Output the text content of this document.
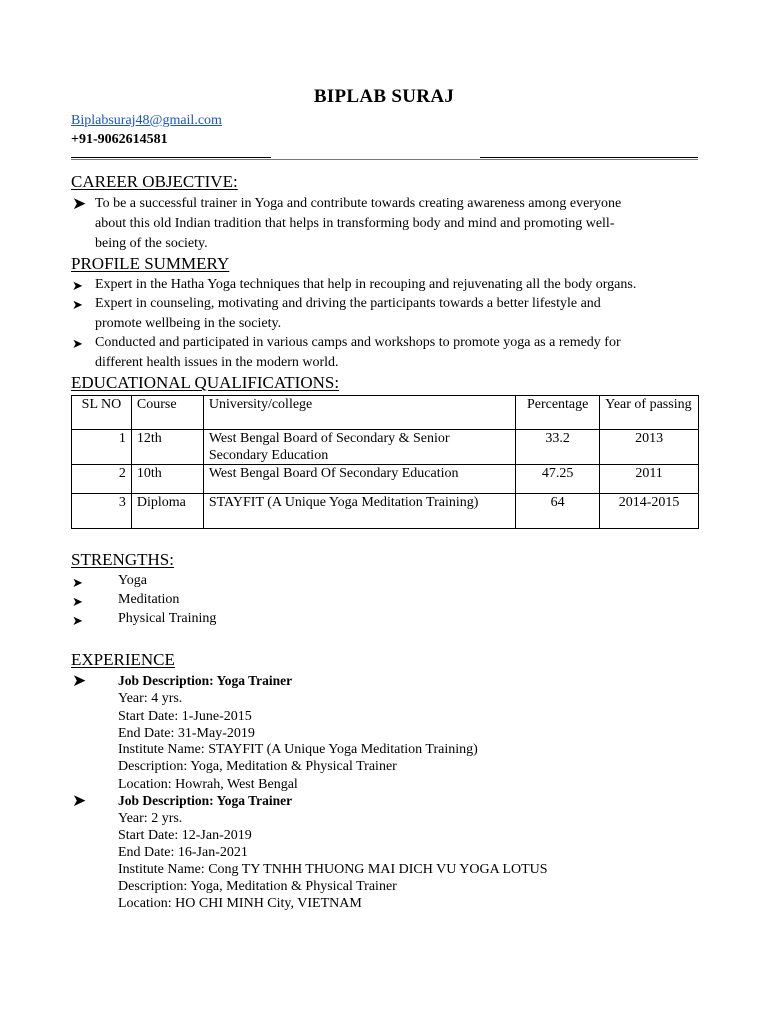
BIPLAB SURAJ
Biplabsuraj48@gmail.com
+91-9062614581
CAREER OBJECTIVE:
➤ To be a successful trainer in Yoga and contribute towards creating awareness among everyone
about this old Indian tradition that helps in transforming body and mind and promoting well-
being of the society.
PROFILE SUMMERY
➤ Expert in the Hatha Yoga techniques that help in recouping and rejuvenating all the body organs.
➤ Expert in counseling, motivating and driving the participants towards a better lifestyle and
promote wellbeing in the society.
➤ Conducted and participated in various camps and workshops to promote yoga as a remedy for
different health issues in the modern world.
EDUCATIONAL QUALIFICATIONS:
SL NO	Course	University/college	Percentage	Year of passing
1	12th	West Bengal Board of Secondary & Senior Secondary Education	33.2	2013
2	10th	West Bengal Board Of Secondary Education	47.25	2011
3	Diploma	STAYFIT (A Unique Yoga Meditation Training)	64	2014-2015
STRENGTHS:
➤	Yoga
➤	Meditation
➤	Physical Training
EXPERIENCE
➤ Job Description: Yoga Trainer
Year: 4 yrs.
Start Date: 1-June-2015
End Date: 31-May-2019
Institute Name: STAYFIT (A Unique Yoga Meditation Training)
Description: Yoga, Meditation & Physical Trainer
Location: Howrah, West Bengal
➤ Job Description: Yoga Trainer
Year: 2 yrs.
Start Date: 12-Jan-2019
End Date: 16-Jan-2021
Institute Name: Cong TY TNHH THUONG MAI DICH VU YOGA LOTUS
Description: Yoga, Meditation & Physical Trainer
Location: HO CHI MINH City, VIETNAM
